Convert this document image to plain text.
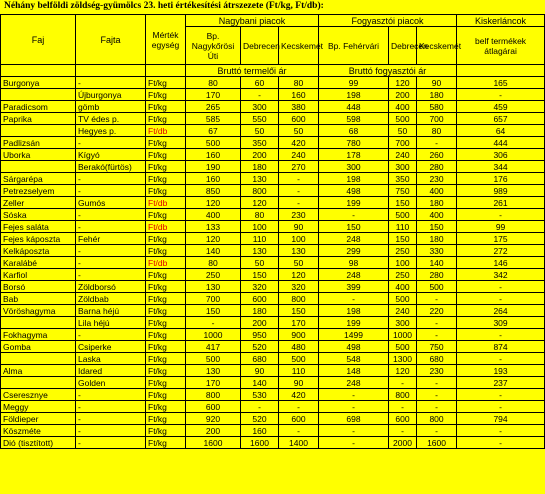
Néhány belföldi zöldség-gyümölcs 23. heti értékesítési átrszezete (Ft/kg, Ft/db):
Faj	Fajta	Mérték egység	Nagybani piacok			Fogyasztói piacok			Kiskerláncok
			Bp. Nagykőrösi Úti	Debrecen	Kecskemét	Bp. Fehérvári	Debrecen	Kecskemét	belf termékek átlagárai
			Bruttó termelői ár			Bruttó fogyasztói ár			
Burgonya	-	Ft/kg	80	60	80	99	120	90	165
	Újburgonya	Ft/kg	170	-	160	198	200	180	-
Paradicsom	gömb	Ft/kg	265	300	380	448	400	580	459
Paprika	TV édes p.	Ft/kg	585	550	600	598	500	700	657
	Hegyes p.	Ft/db	67	50	50	68	50	80	64
Padlizsán	-	Ft/kg	500	350	420	780	700	-	444
Uborka	Kígyó	Ft/kg	160	200	240	178	240	260	306
	Berakó(fürtös)	Ft/kg	190	180	270	300	300	280	344
Sárgarépa	-	Ft/kg	160	130	-	198	350	230	176
Petrezselyem	-	Ft/kg	850	800	-	498	750	400	989
Zeller	Gumós	Ft/db	120	120	-	199	150	180	261
Sóska	-	Ft/kg	400	80	230	-	500	400	-
Fejes saláta	-	Ft/db	133	100	90	150	110	150	99
Fejes káposzta	Fehér	Ft/kg	120	110	100	248	150	180	175
Kelkáposzta	-	Ft/kg	140	130	130	299	250	330	272
Karalábé	-	Ft/db	80	50	50	98	100	140	146
Karfiol	-	Ft/kg	250	150	120	248	250	280	342
Borsó	Zöldborsó	Ft/kg	130	320	320	399	400	500	-
Bab	Zöldbab	Ft/kg	700	600	800	-	500	-	-
Vöröshagyma	Barna héjú	Ft/kg	150	180	150	198	240	220	264
	Lila héjú	Ft/kg	-	200	170	199	300	-	309
Fokhagyma	-	Ft/kg	1000	950	900	1499	1000	-	-
Gomba	Csiperke	Ft/kg	417	520	480	498	500	750	874
	Laska	Ft/kg	500	680	500	548	1300	680	-
Alma	Idared	Ft/kg	130	90	110	148	120	230	193
	Golden	Ft/kg	170	140	90	248	-	-	237
Cseresznye	-	Ft/kg	800	530	420	-	800	-	-
Meggy	-	Ft/kg	600	-	-	-	-	-	-
Földieper	-	Ft/kg	920	520	600	698	600	800	794
Köszméte	-	Ft/kg	200	160	-	-	-	-	-
Dió (tisztított)	-	Ft/kg	1600	1600	1400	-	2000	1600	-
